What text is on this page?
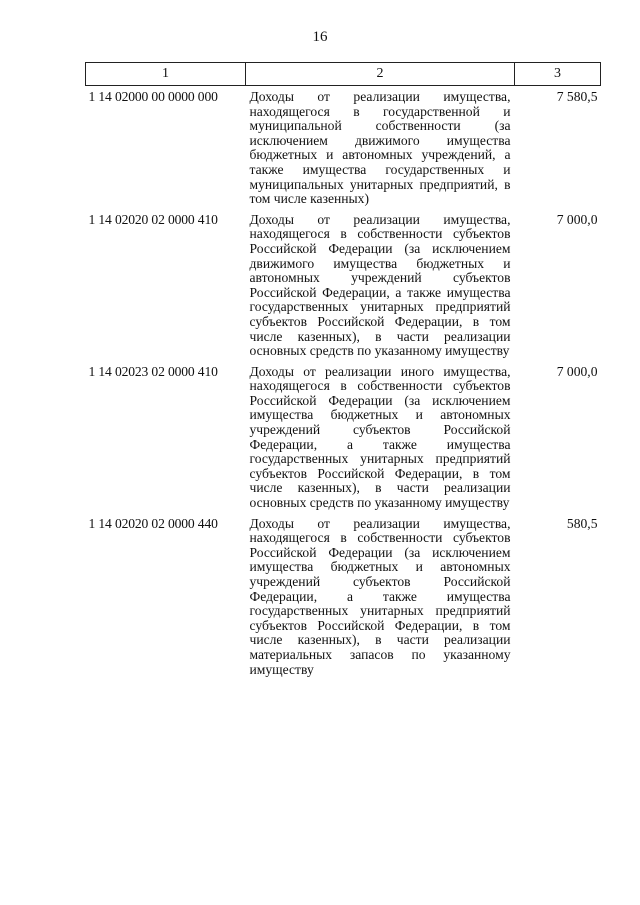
16
1	2	3
1 14 02000 00 0000 000	Доходы от реализации имущества, находящегося в государственной и муниципальной собственности (за исключением движимого имущества бюджетных и автономных учреждений, а также имущества государственных и муниципальных унитарных предприятий, в том числе казенных)	7 580,5
1 14 02020 02 0000 410	Доходы от реализации имущества, находящегося в собственности субъектов Российской Федерации (за исключением движимого имущества бюджетных и автономных учреждений субъектов Российской Федерации, а также имущества государственных унитарных предприятий субъектов Российской Федерации, в том числе казенных), в части реализации основных средств по указанному имуществу	7 000,0
1 14 02023 02 0000 410	Доходы от реализации иного имущества, находящегося в собственности субъектов Российской Федерации (за исключением имущества бюджетных и автономных учреждений субъектов Российской Федерации, а также имущества государственных унитарных предприятий субъектов Российской Федерации, в том числе казенных), в части реализации основных средств по указанному имуществу	7 000,0
1 14 02020 02 0000 440	Доходы от реализации имущества, находящегося в собственности субъектов Российской Федерации (за исключением имущества бюджетных и автономных учреждений субъектов Российской Федерации, а также имущества государственных унитарных предприятий субъектов Российской Федерации, в том числе казенных), в части реализации материальных запасов по указанному имуществу	580,5
